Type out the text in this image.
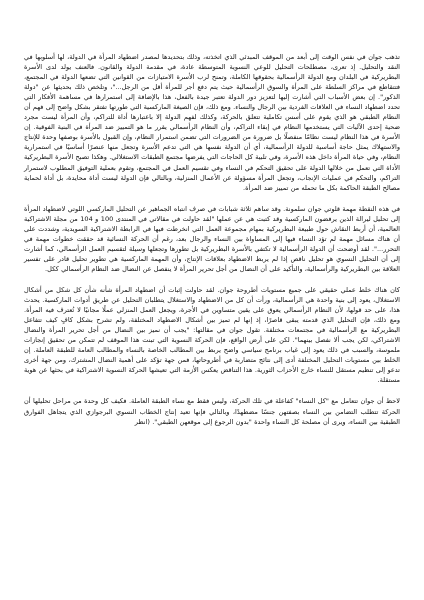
تذهب جوان في نفس الوقت إلى أبعد من الموقف المبدئي الذي اتخذته، وذلك بتحديدها لمصدر اضطهاد المرأة في الدولة، لها أسلوبها في النقد والتحليل. إذ تعرى، مصطلحات التحليل للوعي النسوية المتوسطة عادة، في مقدمة الدولة والقانون. فالعنف يولد لدى الأسرة البطريركية في البلدان ومع الدولة الرأسمالية بحقوقها الكاملة، وتمنح لرب الأسرة الامتيازات من القوانين التي تضعها الدولة في المجتمع، فتتقاطع في مراكز السلطة على المرأة والسوق الرأسمالية حيث يتم دفع أجر للمرأة أقل من الرجل..."، وتلخص ذلك بحديثها عن "دولة الذكور". إن بعض الأسباب التي أشارت إليها لتعزيز دور الدولة تعتبر جيدة بالفعل، هذا بالإضافة إلى استمرارها في مساهمة الأفكار التي تحدد اضطهاد النساء في العلاقات الفردية بين الرجال والنساء. ومع ذلك، فإن الصيغة الماركسية التي طورتها تفتقر بشكل واضح إلى فهم أن النظام الطبقي هو الذي يقوم على أسس تكاملية تتعلق بالحركة، وكذلك لفهم الدولة إلا باعتبارها أداة للتراكم، وأن المرأة ليست مجرد ضحية إحدى الآليات التي يستخدمها النظام في إبقاء التراكم، وأن النظام الرأسمالي يقرر ما هو التمييز ضد المرأة في البنية الفوقية. إن الأسرة في هذا النظام ليست نظامًا منفصلًا بل ضرورة من الضرورات التي تضمن استمرار النظام، وإن القبول بالأسرة بوصفها وحدة للإنتاج والاستهلاك يمثل حاجة أساسية للدولة الرأسمالية، أي أن الدولة نفسها هي التي تدعم الأسرة وتجعل منها عنصرًا أساسيًا في استمرارية النظام، وفي حياة المرأة داخل هذه الأسرة، وفي تلبية كل الحاجات التي يفرضها مجتمع الطبقات الاستغلالي. وهكذا تصبح الأسرة البطريركية الأداة التي تعمل من خلالها الدولة على تحقيق التحكم في النساء وفي تقسيم العمل في المجتمع، وتقوم بعملية التوفيق المطلوب لاستمرار التراكم، والتحكم في عمليات الإنجاب، وتجعل المرأة مسؤولة عن الأعمال المنزلية، وبالتالي فإن الدولة ليست أداة محايدة، بل أداة لحماية مصالح الطبقة الحاكمة بكل ما تحمله من تمييز ضد المرأة.

في هذه النقطة مهمة قلوتي جوان سلمونة. وقد ساهم ثلاثة شبابات في صرف انتباه الجماهير عن التحليل الماركسي اللوتي لاضطهاد المرأة إلى تحليل ليرالة الذين يرفضون الماركسية وقد كتبت هي عن عملها "لقد حاولت في مقالاتي في المنتدى 100 و 104 من مجلة الاشتراكية العالمية، أن أربط النقاش حول طبيعة البطريركية بمهام مجموعة العمل التي انخرطت فيها في الرابطة الاشتراكية السويدية، وشددت على أن هناك مسائل مهمة لم تؤد النساء فيها إلى المساواة بين النساء والرجال بعد، رغم أن الحركة النسائية قد حققت خطوات مهمة في التحرر...". لقد أوضحت أن الدولة الرأسمالية لا تكتفي بالأسرة البطريركية بل تطورها وتجعلها وسيلة لتقسيم العمل الرأسمالي، كما أشارت إلى أن التحليل النسوي هو تحليل ناقص إذا لم يربط الاضطهاد بعلاقات الإنتاج، وأن المهمة الماركسية هي تطوير تحليل قادر على تفسير العلاقة بين البطريركية والرأسمالية، والتأكيد على أن النضال من أجل تحرير المرأة لا ينفصل عن النضال ضد النظام الرأسمالي ككل.

كان هناك خلط عملي حقيقي على جميع مستويات أطروحة جوان. لقد حاولت إثبات أن اضطهاد المرأة شأنه شأن كل شكل من أشكال الاستغلال، يعود إلى بنية واحدة هي الرأسمالية، ورأت أن كل من الاضطهاد والاستغلال يتطلبان التحليل عن طريق أدوات الماركسية. يحدث هذا، على حد قولها، لأن النظام الرأسمالي يعوق على يقين متساوين في الأجرة، ويجعل العمل المنزلي عملًا مجانيًا لا تُعترف فيه المرأة. ومع ذلك، فإن التحليل الذي قدمته يبقى قاصرًا، إذ إنها لم تميز بين أشكال الاضطهاد المختلفة، ولم تشرح بشكل كافٍ كيف تتفاعل البطريركية مع الرأسمالية في مجتمعات مختلفة. تقول جوان في مقالتها: "يجب أن نميز بين النضال من أجل تحرير المرأة والنضال الاشتراكي، لكن يجب ألا نفصل بينهما". لكن على أرض الواقع، فإن الحركة النسوية التي تبنت هذا الموقف لم تتمكن من تحقيق إنجازات ملموسة، والسبب في ذلك يعود إلى غياب برنامج سياسي واضح يربط بين المطالب الخاصة بالنساء والمطالب العامة للطبقة العاملة. إن الخلط بين مستويات التحليل المختلفة أدى إلى نتائج متضاربة في أطروحاتها، فمن جهة تؤكد على أهمية النضال المشترك، ومن جهة أخرى تدعو إلى تنظيم مستقل للنساء خارج الأحزاب الثورية. هذا التناقض يعكس الأزمة التي تعيشها الحركة النسوية الاشتراكية في بحثها عن هوية مستقلة.

لاحظ أن جوان تتعامل مع "كل النساء" كفاعلة في تلك الحركة، وليس فقط مع نساء الطبقة العاملة. فكيف كل وحدة من مراحل تحليلها أن الحركة تتطلب التضامن بين النساء بصفتهن جنسًا مضطهدًا، وبالتالي فإنها تعيد إنتاج الخطاب النسوي البرجوازي الذي يتجاهل الفوارق الطبقية بين النساء، ويرى أن مصلحة كل النساء واحدة "بدون الرجوع إلى موقعهن الطبقي". (انظر
